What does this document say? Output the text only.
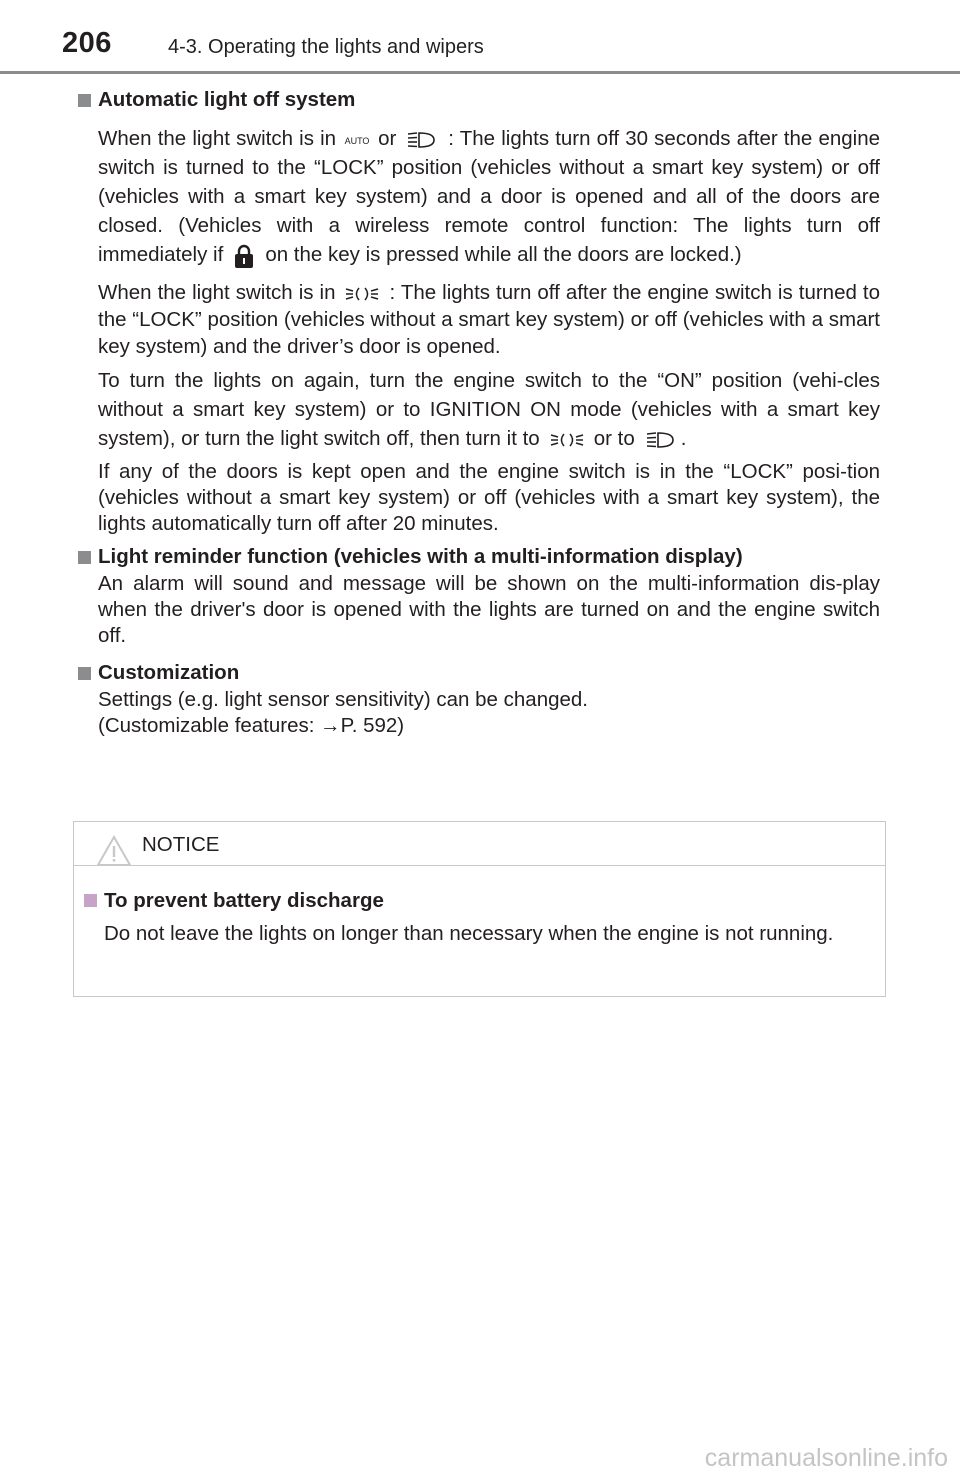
206	4-3. Operating the lights and wipers
Automatic light off system

When the light switch is in AUTO or	: The lights turn off 30 seconds after the engine switch is turned to the “LOCK” position (vehicles without a smart key system) or off (vehicles with a smart key system) and a door is opened and all of the doors are closed. (Vehicles with a wireless remote control function: The lights turn off immediately if on the key is pressed while all the doors are locked.)

When the light switch is in	: The lights turn off after the engine switch is turned to the “LOCK” position (vehicles without a smart key system) or off (vehicles with a smart key system) and the driver’s door is opened.

To turn the lights on again, turn the engine switch to the “ON” position (vehi-cles without a smart key system) or to IGNITION ON mode (vehicles with a smart key system), or turn the light switch off, then turn it to	or to .

If any of the doors is kept open and the engine switch is in the “LOCK” posi-tion (vehicles without a smart key system) or off (vehicles with a smart key system), the lights automatically turn off after 20 minutes.

Light reminder function (vehicles with a multi-information display)

An alarm will sound and message will be shown on the multi-information dis-play when the driver's door is opened with the lights are turned on and the engine switch off.

Customization

Settings (e.g. light sensor sensitivity) can be changed.

(Customizable features: →P. 592)

NOTICE
To prevent battery discharge

Do not leave the lights on longer than necessary when the engine is not running.

carmanualsonline.info
